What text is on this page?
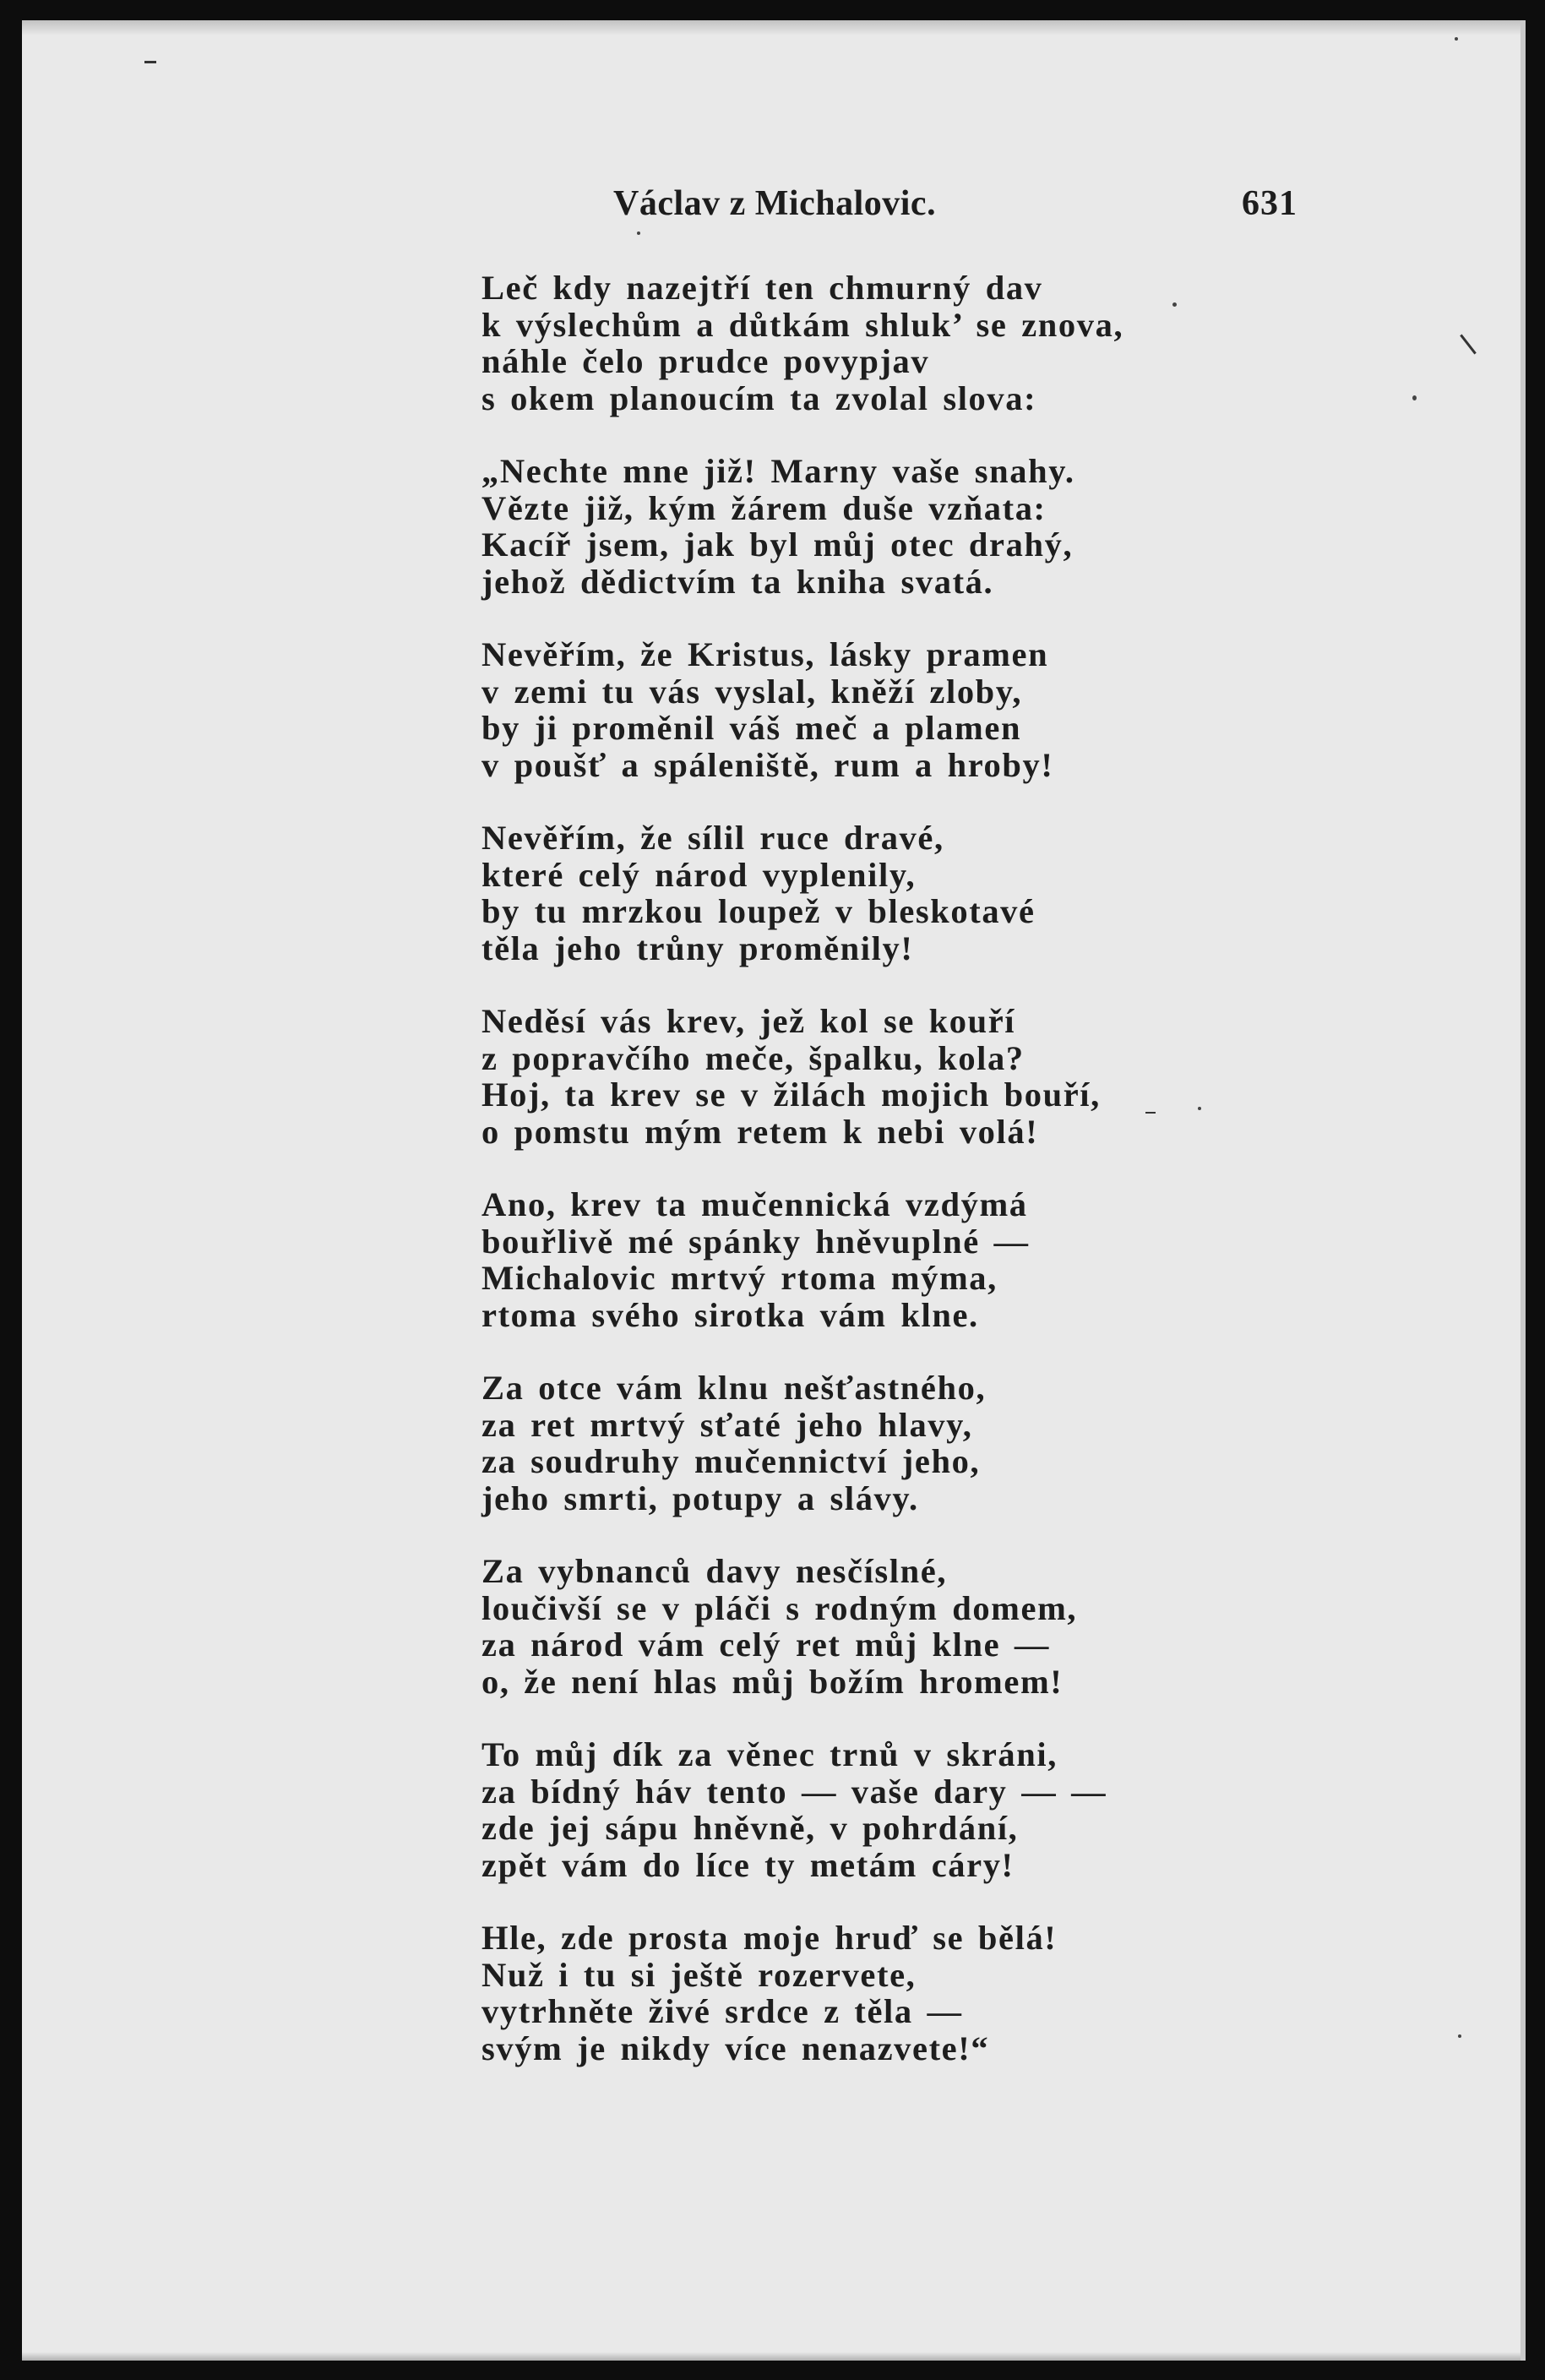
Václav z Michalovic.	631
Leč kdy nazejtří ten chmurný dav
k výslechům a důtkám shluk’ se znova,
náhle čelo prudce povypjav
s okem planoucím ta zvolal slova:
„Nechte mne již! Marny vaše snahy.
Vězte již, kým žárem duše vzňata:
Kacíř jsem, jak byl můj otec drahý,
jehož dědictvím ta kniha svatá.
Nevěřím, že Kristus, lásky pramen
v zemi tu vás vyslal, kněží zloby,
by ji proměnil váš meč a plamen
v poušť a spáleniště, rum a hroby!
Nevěřím, že sílil ruce dravé,
které celý národ vyplenily,
by tu mrzkou loupež v bleskotavé
těla jeho trůny proměnily!
Neděsí vás krev, jež kol se kouří
z popravčího meče, špalku, kola?
Hoj, ta krev se v žilách mojich bouří,
o pomstu mým retem k nebi volá!
Ano, krev ta mučennická vzdýmá
bouřlivě mé spánky hněvuplné —
Michalovic mrtvý rtoma mýma,
rtoma svého sirotka vám klne.
Za otce vám klnu nešťastného,
za ret mrtvý sťaté jeho hlavy,
za soudruhy mučennictví jeho,
jeho smrti, potupy a slávy.
Za vybnanců davy nesčíslné,
loučivší se v pláči s rodným domem,
za národ vám celý ret můj klne —
o, že není hlas můj božím hromem!
To můj dík za věnec trnů v skráni,
za bídný háv tento — vaše dary — —
zde jej sápu hněvně, v pohrdání,
zpět vám do líce ty metám cáry!
Hle, zde prosta moje hruď se bělá!
Nuž i tu si ještě rozervete,
vytrhněte živé srdce z těla —
svým je nikdy více nenazvete!“
